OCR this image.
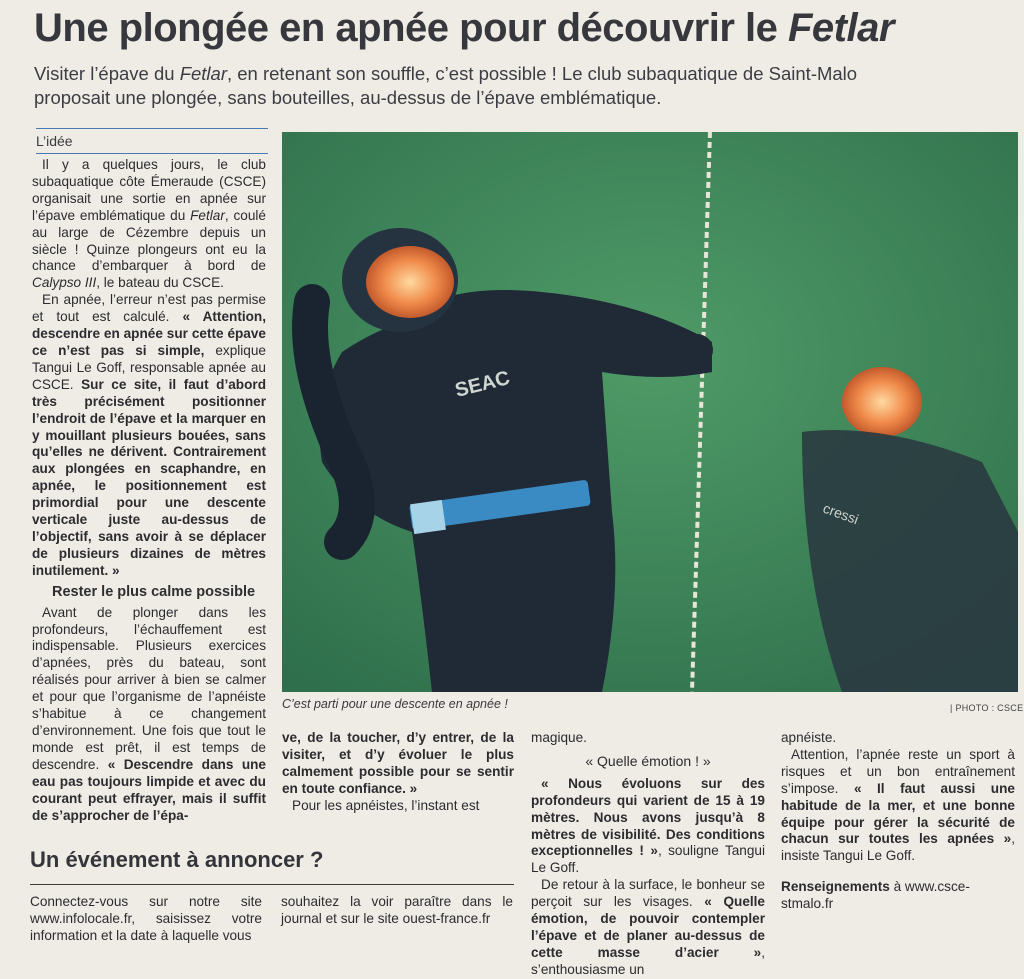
Une plongée en apnée pour découvrir le Fetlar
Visiter l’épave du Fetlar, en retenant son souffle, c’est possible ! Le club subaquatique de Saint-Malo proposait une plongée, sans bouteilles, au-dessus de l’épave emblématique.
L’idée

Il y a quelques jours, le club subaquatique côte Émeraude (CSCE) organisait une sortie en apnée sur l’épave emblématique du Fetlar, coulé au large de Cézembre depuis un siècle ! Quinze plongeurs ont eu la chance d’embarquer à bord de Calypso III, le bateau du CSCE.

En apnée, l’erreur n’est pas permise et tout est calculé. « Attention, descendre en apnée sur cette épave ce n’est pas si simple, explique Tangui Le Goff, responsable apnée au CSCE. Sur ce site, il faut d’abord très précisément positionner l’endroit de l’épave et la marquer en y mouillant plusieurs bouées, sans qu’elles ne dérivent. Contrairement aux plongées en scaphandre, en apnée, le positionnement est primordial pour une descente verticale juste au-dessus de l’objectif, sans avoir à se déplacer de plusieurs dizaines de mètres inutilement. »

Rester le plus calme possible

Avant de plonger dans les profondeurs, l’échauffement est indispensable. Plusieurs exercices d’apnées, près du bateau, sont réalisés pour arriver à bien se calmer et pour que l’organisme de l’apnéiste s’habitue à ce changement d’environnement. Une fois que tout le monde est prêt, il est temps de descendre. « Descendre dans une eau pas toujours limpide et avec du courant peut effrayer, mais il suffit de s’approcher de l’épa-

cressi
SEAC
C’est parti pour une descente en apnée !	| PHOTO : CSCE

ve, de la toucher, d’y entrer, de la visiter, et d’y évoluer le plus calmement possible pour se sentir en toute confiance. »

Pour les apnéistes, l’instant est

magique.

« Quelle émotion ! »

« Nous évoluons sur des profondeurs qui varient de 15 à 19 mètres. Nous avons jusqu’à 8 mètres de visibilité. Des conditions exceptionnelles ! », souligne Tangui Le Goff.

De retour à la surface, le bonheur se perçoit sur les visages. « Quelle émotion, de pouvoir contempler l’épave et de planer au-dessus de cette masse d’acier », s’enthousiasme un

apnéiste.

Attention, l’apnée reste un sport à risques et un bon entraînement s’impose. « Il faut aussi une habitude de la mer, et une bonne équipe pour gérer la sécurité de chacun sur toutes les apnées », insiste Tangui Le Goff.

Renseignements à www.csce-stmalo.fr

Un événement à annoncer ?
Connectez-vous sur notre site www.infolocale.fr, saisissez votre information et la date à laquelle vous
souhaitez la voir paraître dans le journal et sur le site ouest-france.fr
